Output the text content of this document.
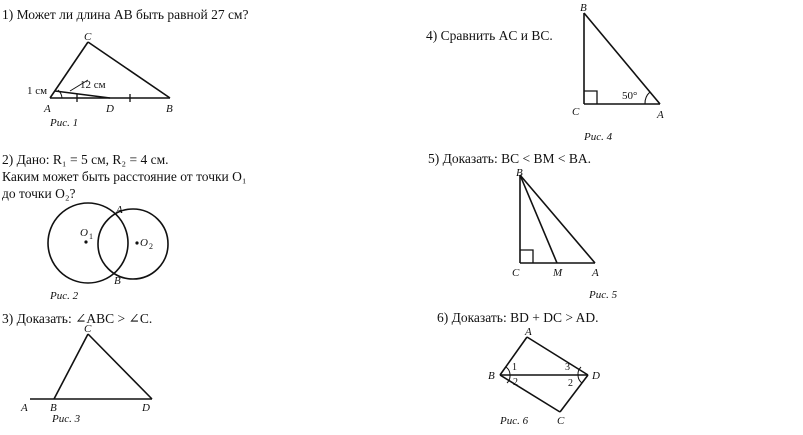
1) Может ли длина AB быть равной 27 см?
2) Дано: R₁ = 5 см, R₂ = 4 см.
Каким может быть расстояние от точки O₁
до точки O₂?
3) Доказать: ∠ABC > ∠C.
4) Сравнить AC и BC.
5) Доказать: BC < BM < BA.
6) Доказать: BD + DC > AD.
Рис. 1
Рис. 2
Рис. 3
Рис. 4
Рис. 5
Рис. 6
A	B
C
D
1 см	12 см
A
B
O 1
O 2
A B
C
D
A
B
C
50°
A
B
C	M
A
B
C
D
1
2
3
2
